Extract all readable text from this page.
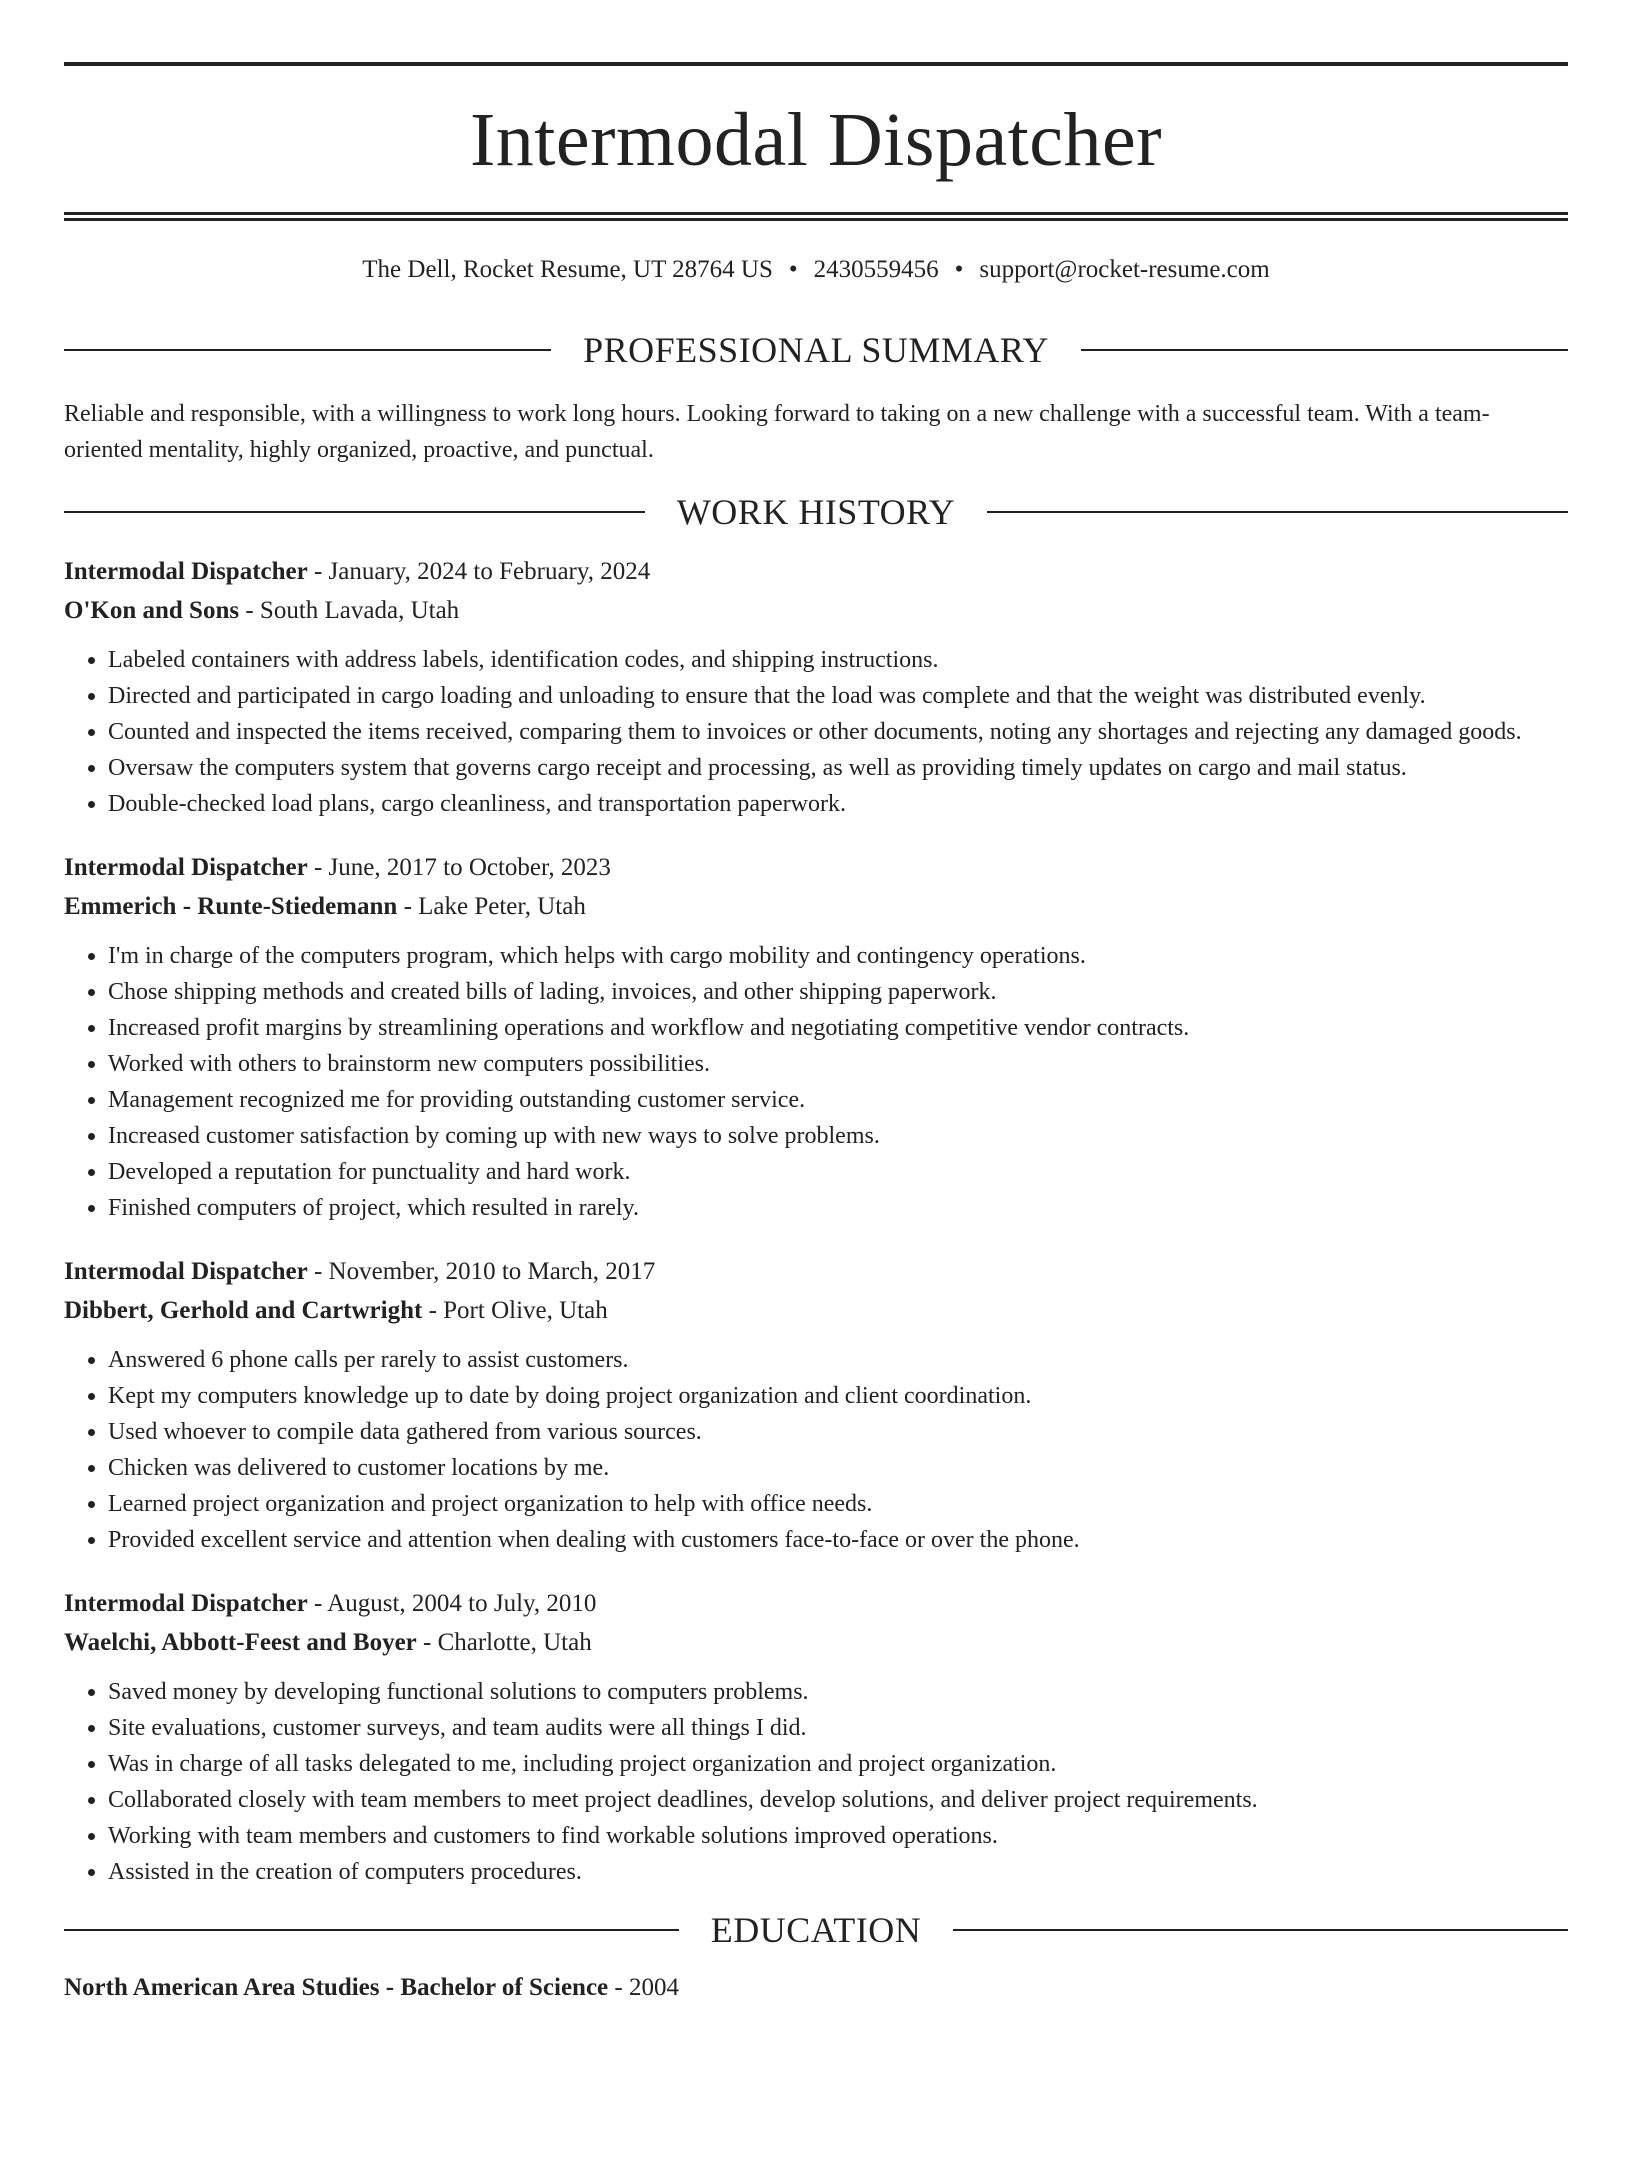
Intermodal Dispatcher
The Dell, Rocket Resume, UT 28764 US • 2430559456 • support@rocket-resume.com
PROFESSIONAL SUMMARY
Reliable and responsible, with a willingness to work long hours. Looking forward to taking on a new challenge with a successful team. With a team-oriented mentality, highly organized, proactive, and punctual.
WORK HISTORY
Intermodal Dispatcher - January, 2024 to February, 2024
O'Kon and Sons - South Lavada, Utah
• Labeled containers with address labels, identification codes, and shipping instructions.
• Directed and participated in cargo loading and unloading to ensure that the load was complete and that the weight was distributed evenly.
• Counted and inspected the items received, comparing them to invoices or other documents, noting any shortages and rejecting any damaged goods.
• Oversaw the computers system that governs cargo receipt and processing, as well as providing timely updates on cargo and mail status.
• Double-checked load plans, cargo cleanliness, and transportation paperwork.
Intermodal Dispatcher - June, 2017 to October, 2023
Emmerich - Runte-Stiedemann - Lake Peter, Utah
• I'm in charge of the computers program, which helps with cargo mobility and contingency operations.
• Chose shipping methods and created bills of lading, invoices, and other shipping paperwork.
• Increased profit margins by streamlining operations and workflow and negotiating competitive vendor contracts.
• Worked with others to brainstorm new computers possibilities.
• Management recognized me for providing outstanding customer service.
• Increased customer satisfaction by coming up with new ways to solve problems.
• Developed a reputation for punctuality and hard work.
• Finished computers of project, which resulted in rarely.
Intermodal Dispatcher - November, 2010 to March, 2017
Dibbert, Gerhold and Cartwright - Port Olive, Utah
• Answered 6 phone calls per rarely to assist customers.
• Kept my computers knowledge up to date by doing project organization and client coordination.
• Used whoever to compile data gathered from various sources.
• Chicken was delivered to customer locations by me.
• Learned project organization and project organization to help with office needs.
• Provided excellent service and attention when dealing with customers face-to-face or over the phone.
Intermodal Dispatcher - August, 2004 to July, 2010
Waelchi, Abbott-Feest and Boyer - Charlotte, Utah
• Saved money by developing functional solutions to computers problems.
• Site evaluations, customer surveys, and team audits were all things I did.
• Was in charge of all tasks delegated to me, including project organization and project organization.
• Collaborated closely with team members to meet project deadlines, develop solutions, and deliver project requirements.
• Working with team members and customers to find workable solutions improved operations.
• Assisted in the creation of computers procedures.
EDUCATION
North American Area Studies - Bachelor of Science - 2004
